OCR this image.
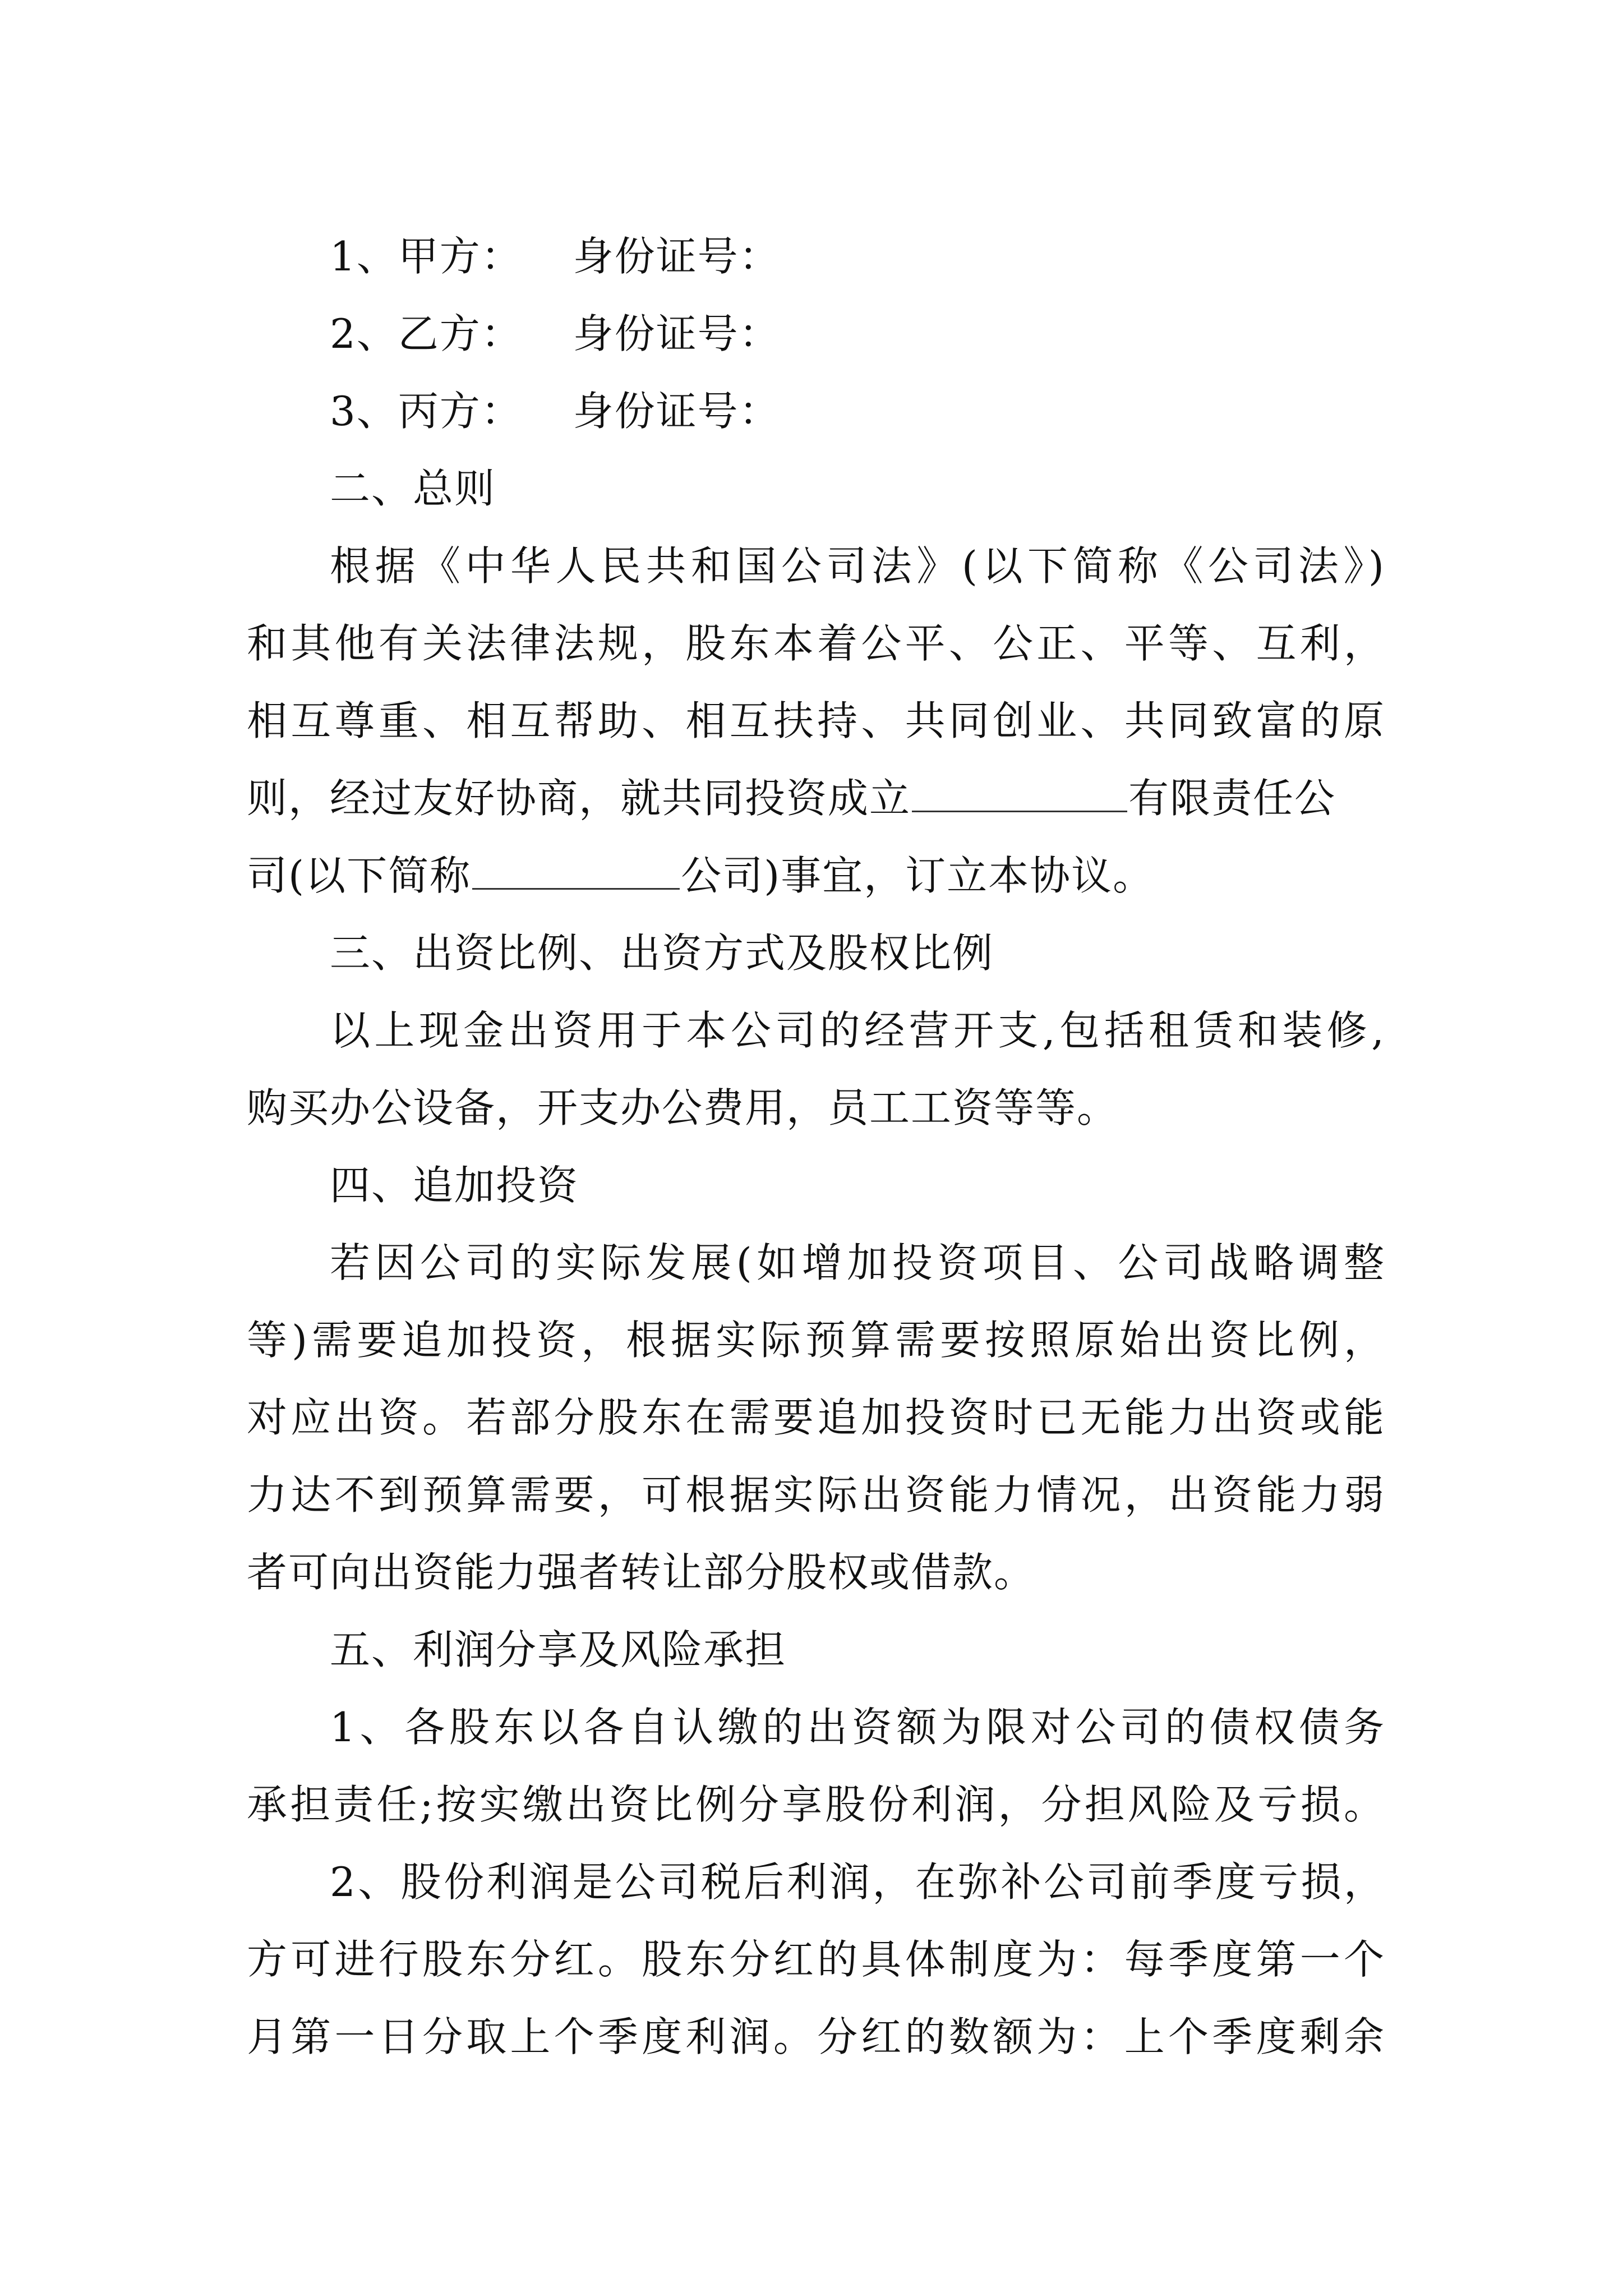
1、甲方： 身份证号：
2、乙方： 身份证号：
3、丙方： 身份证号：
二、总则
根据《中华人民共和国公司法》(以下简称《公司法》)
和其他有关法律法规，股东本着公平、公正、平等、互利，
相互尊重、相互帮助、相互扶持、共同创业、共同致富的原
则，经过友好协商，就共同投资成立	有限责任公
司(以下简称	公司)事宜，订立本协议。
三、出资比例、出资方式及股权比例
以上现金出资用于本公司的经营开支,包括租赁和装修,
购买办公设备，开支办公费用，员工工资等等。
四、追加投资
若因公司的实际发展(如增加投资项目、公司战略调整
等)需要追加投资，根据实际预算需要按照原始出资比例，
对应出资。若部分股东在需要追加投资时已无能力出资或能
力达不到预算需要，可根据实际出资能力情况，出资能力弱
者可向出资能力强者转让部分股权或借款。
五、利润分享及风险承担
1、各股东以各自认缴的出资额为限对公司的债权债务
承担责任;按实缴出资比例分享股份利润，分担风险及亏损。
2、股份利润是公司税后利润，在弥补公司前季度亏损，
方可进行股东分红。股东分红的具体制度为：每季度第一个
月第一日分取上个季度利润。分红的数额为：上个季度剩余
